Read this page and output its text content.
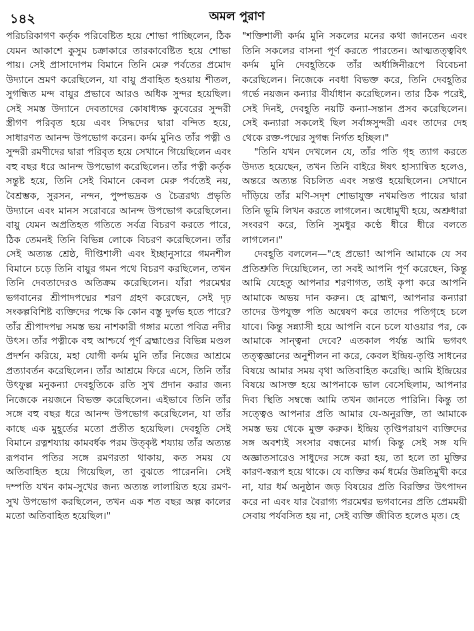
১৪২	অমল পুরাণ

পরিচরিকাগণ কর্তৃক পরিবেষ্টিত হয়ে শোভা পাচ্ছিলেন, ঠিক যেমন আকাশে কুসুম চক্রাকারে তারকাবেষ্টিত হয়ে শোভা পায়। সেই প্রাসাদোপম বিমানে তিনি মেরু পর্বতের প্রমোদ উদ্যানে ভ্রমণ করেছিলেন, যা বায়ু প্রবাহিত হওয়ায় শীতল, সুগন্ধিত মন্দ বায়ুর প্রভাবে আরও অধিক সুন্দর হয়েছিল। সেই সমস্ত উদ্যানে দেবতাদের কোষাধ্যক্ষ কুবেরের সুন্দরী স্ত্রীগণ পরিবৃত হয়ে এবং সিদ্ধদের দ্বারা বন্দিত হয়ে, সাধারণত আনন্দ উপভোগ করেন। কর্দম মুনিও তাঁর পত্নী ও সুন্দরী রমণীদের দ্বারা পরিবৃত হয়ে সেখানে গিয়েছিলেন এবং বহু বছর ধরে আনন্দ উপভোগ করেছিলেন। তাঁর পত্নী কর্তৃক সন্তুষ্ট হয়ে, তিনি সেই বিমানে কেবল মেরু পর্বতেই নয়, বৈশ্রম্ভক, সুরসন, নন্দন, পুষ্পভদ্রক ও চৈত্ররথ্য প্রভৃতি উদ্যানে এবং মানস সরোবরে আনন্দ উপভোগ করেছিলেন। বায়ু যেমন অপ্রতিহত গতিতে সর্বত্র বিচরণ করতে পারে, ঠিক তেমনই তিনি বিভিন্ন লোকে বিচরণ করেছিলেন। তাঁর সেই অত্যন্ত শ্রেষ্ঠ, দীপ্তিশালী এবং ইচ্ছানুসারে গমনশীল বিমানে চড়ে তিনি বায়ুর গমন পথে বিচরণ করছিলেন, তখন তিনি দেবতাদেরও অতিক্রম করেছিলেন। যাঁরা পরমেশ্বর ভগবানের শ্রীপাদপদ্মের শরণ গ্রহণ করেছেন, সেই দৃঢ় সংকল্পবিশিষ্ট ব্যক্তিদের পক্ষে কি কোন বস্তু দুর্লভ হতে পারে? তাঁর শ্রীপাদপদ্ম সমস্ত ভয় নাশকারী গঙ্গার মতো পবিত্র নদীর উৎস। তাঁর পত্নীকে বহু আশ্চর্যে পূর্ণ ব্রহ্মাণ্ডের বিভিন্ন মণ্ডল প্রদর্শন করিয়ে, মহা যোগী কর্দম মুনি তাঁর নিজের আশ্রমে প্রত্যাবর্তন করেছিলেন। তাঁর আশ্রমে ফিরে এসে, তিনি তাঁর উৎফুল্ল মনুকন্যা দেবহূতিকে রতি সুখ প্রদান করার জন্য নিজেকে নয়জনে বিভক্ত করেছিলেন। এইভাবে তিনি তাঁর সঙ্গে বহু বছর ধরে আনন্দ উপভোগ করেছিলেন, যা তাঁর কাছে এক মুহূর্তের মতো প্রতীত হয়েছিল। দেবহূতি সেই বিমানে রত্নশয্যায় কামবর্ধক পরম উত্কৃষ্ট শয্যায় তাঁর অত্যন্ত রূপবান পতির সঙ্গে রমণরতা থাকায়, কত সময় যে অতিবাহিত হয়ে গিয়েছিল, তা বুঝতে পারেননি। সেই দম্পতি যখন কাম-সুখের জন্য অত্যন্ত লালায়িত হয়ে রমণ-সুখ উপভোগ করছিলেন, তখন এক শত বছর অল্প কালের মতো অতিবাহিত হয়েছিল।"

"শক্তিশালী কর্দম মুনি সকলের মনের কথা জানতেন এবং তিনি সকলের বাসনা পূর্ণ করতে পারতেন। আত্মতত্ত্ববিৎ কর্দম মুনি দেবহূতিকে তাঁর অর্ধাঙ্গিনীরূপে বিবেচনা করেছিলেন। নিজেকে নবধা বিভক্ত করে, তিনি দেবহূতির গর্ভে নয়জন কন্যার বীর্যাধান করেছিলেন। তার ঠিক পরেই, সেই দিনই, দেবহূতি নয়টি কন্যা-সন্তান প্রসব করেছিলেন। সেই কন্যারা সকলেই ছিল সর্বাঙ্গসুন্দরী এবং তাদের দেহ থেকে রক্ত-পদ্মের সুগন্ধ নির্গত হচ্ছিল।"

"তিনি যখন দেখলেন যে, তাঁর পতি গৃহ ত্যাগ করতে উদ্যত হয়েছেন, তখন তিনি বাইরে ঈষৎ হাস্যান্বিত হলেও, অন্তরে অত্যন্ত বিচলিত এবং সন্তপ্ত হয়েছিলেন। সেখানে দাঁড়িয়ে তাঁর মণি-সদৃশ শোভাযুক্ত নখমণ্ডিত পায়ের দ্বারা তিনি ভূমি লিখন করতে লাগলেন। অধোমুখী হয়ে, অশ্রুধারা সংবরণ করে, তিনি সুমধুর কণ্ঠে ধীরে ধীরে বলতে লাগলেন।"

দেবহূতি বললেন—"হে প্রভো! আপনি আমাকে যে সব প্রতিশ্রুতি দিয়েছিলেন, তা সবই আপনি পূর্ণ করেছেন, কিন্তু আমি যেহেতু আপনার শরণাগত, তাই কৃপা করে আপনি আমাকে অভয় দান করুন। হে ব্রাহ্মণ, আপনার কন্যারা তাদের উপযুক্ত পতি অন্বেষণ করে তাদের পতিগৃহে চলে যাবে। কিন্তু সন্ন্যাসী হয়ে আপনি বনে চলে যাওয়ার পর, কে আমাকে সান্ত্বনা দেবে? এতকাল পর্যন্ত আমি ভগবৎ তত্ত্বজ্ঞানের অনুশীলন না করে, কেবল ইন্দ্রিয়-তৃপ্তি সাধনের বিষয়ে আমার সময় বৃথা অতিবাহিত করেছি। আমি ইন্দ্রিয়ের বিষয়ে আসক্ত হয়ে আপনাকে ভাল বেসেছিলাম, আপনার দিব্য স্থিতি সম্বন্ধে আমি তখন জানতে পারিনি। কিন্তু তা সত্ত্বেও আপনার প্রতি আমার যে-অনুরক্তি, তা আমাকে সমস্ত ভয় থেকে মুক্ত করুক। ইন্দ্রিয় তৃপ্তিপরায়ণ ব্যক্তিদের সঙ্গ অবশ্যই সংসার বন্ধনের মার্গ। কিন্তু সেই সঙ্গ যদি অজ্ঞাতসারেও সাধুদের সঙ্গে করা হয়, তা হলে তা মুক্তির কারণ-স্বরূপ হয়ে থাকে। যে ব্যক্তির কর্ম ধর্মের উন্নতিমুখী করে না, যার ধর্ম অনুষ্ঠান জড় বিষয়ের প্রতি বিরক্তির উৎপাদন করে না এবং যার বৈরাগ্য পরমেশ্বর ভগবানের প্রতি প্রেমময়ী সেবায় পর্যবসিত হয় না, সেই ব্যক্তি জীবিত হলেও মৃত। হে
